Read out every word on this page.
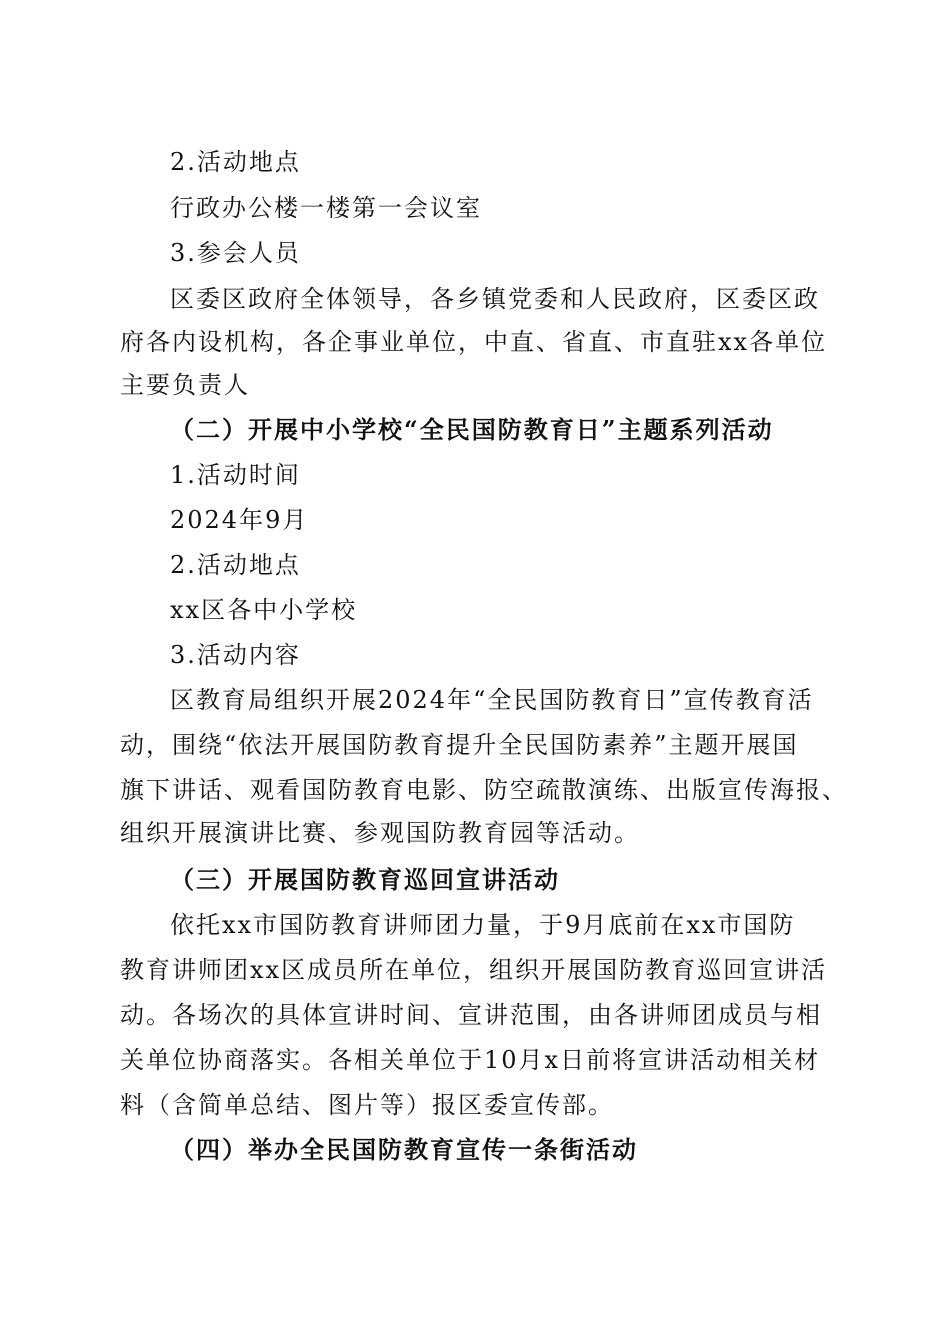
2.活动地点
行政办公楼一楼第一会议室
3.参会人员
区委区政府全体领导，各乡镇党委和人民政府，区委区政
府各内设机构，各企事业单位，中直、省直、市直驻xx各单位
主要负责人
（二）开展中小学校“全民国防教育日”主题系列活动
1.活动时间
2024年9月
2.活动地点
xx区各中小学校
3.活动内容
区教育局组织开展2024年“全民国防教育日”宣传教育活
动，围绕“依法开展国防教育提升全民国防素养”主题开展国
旗下讲话、观看国防教育电影、防空疏散演练、出版宣传海报、
组织开展演讲比赛、参观国防教育园等活动。
（三）开展国防教育巡回宣讲活动
依托xx市国防教育讲师团力量，于9月底前在xx市国防
教育讲师团xx区成员所在单位，组织开展国防教育巡回宣讲活
动。各场次的具体宣讲时间、宣讲范围，由各讲师团成员与相
关单位协商落实。各相关单位于10月x日前将宣讲活动相关材
料（含简单总结、图片等）报区委宣传部。
（四）举办全民国防教育宣传一条街活动
